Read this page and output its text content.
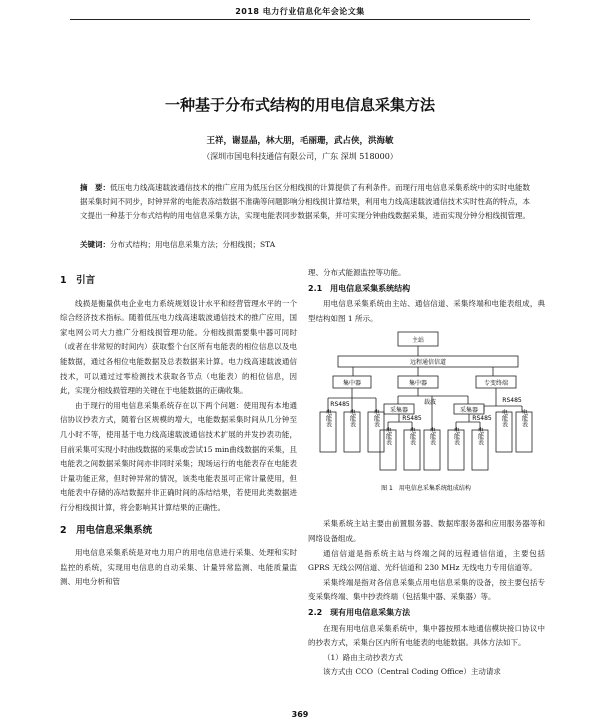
2018 电力行业信息化年会论文集
一种基于分布式结构的用电信息采集方法
王祥，谢显晶，林大朋，毛丽珊，武占侠，洪海敏
（深圳市国电科技通信有限公司，广东 深圳 518000）
摘　要：低压电力线高速载波通信技术的推广应用为低压台区分相线损的计算提供了有利条件。而现行用电信息采集系统中的实时电能数据采集时间不同步，时钟异常的电能表冻结数据不准确等问题影响分相线损计算结果，利用电力线高速载波通信技术实时性高的特点，本文提出一种基于分布式结构的用电信息采集方法，实现电能表同步数据采集，并可实现分钟曲线数据采集，进而实现分钟分相线损管理。
关键词：分布式结构；用电信息采集方法；分相线损；STA
1　引言

线损是衡量供电企业电力系统规划设计水平和经营管理水平的一个综合经济技术指标。随着低压电力线高速载波通信技术的推广应用，国家电网公司大力推广分相线损管理功能。分相线损需要集中器可同时（或者在非常短的时间内）获取整个台区所有电能表的相位信息以及电能数据，通过各相位电能数据及总表数据来计算。电力线高速载波通信技术，可以通过过零检测技术获取各节点（电能表）的相位信息，因此，实现分相线损管理的关键在于电能数据的正确收集。

由于现行的用电信息采集系统存在以下两个问题：使用现有本地通信协议抄表方式，随着台区规模的增大，电能数据采集时间从几分钟至几小时不等，使用基于电力线高速载波通信技术扩展的并发抄表功能，目前采集可实现小时曲线数据的采集或尝试15 min曲线数据的采集，且电能表之间数据采集时间亦非同时采集；现场运行的电能表存在电能表计量功能正常，但时钟异常的情况，该类电能表虽可正常计量使用，但电能表中存储的冻结数据并非正确时间的冻结结果，若使用此类数据进行分相线损计算，将会影响其计算结果的正确性。

2　用电信息采集系统

用电信息采集系统是对电力用户的用电信息进行采集、处理和实时监控的系统，实现用电信息的自动采集、计量异常监测、电能质量监测、用电分析和管

理、分布式能源监控等功能。

2.1　用电信息采集系统结构

用电信息采集系统由主站、通信信道、采集终端和电能表组成，典型结构如图 1 所示。

主站
远程通信信道
集中器	集中器	专变终端
RS485	载波
采集器	采集器
RS485	RS485
RS485
电能表	电能表	电能表
电能表	电能表 电能表	电能表	电能表
电能表 电能表
图 1　用电信息采集系统组成结构

采集系统主站主要由前置服务器、数据库服务器和应用服务器等和网络设备组成。

通信信道是指系统主站与终端之间的远程通信信道，主要包括 GPRS 无线公网信道、光纤信道和 230 MHz 无线电力专用信道等。

采集终端是指对各信息采集点用电信息采集的设备，按主要包括专变采集终端、集中抄表终端（包括集中器、采集器）等。

2.2　现有用电信息采集方法

在现有用电信息采集系统中，集中器按照本地通信模块接口协议中的抄表方式，采集台区内所有电能表的电能数据。具体方法如下。

（1）路由主动抄表方式

该方式由 CCO（Central Coding Office）主动请求

369
